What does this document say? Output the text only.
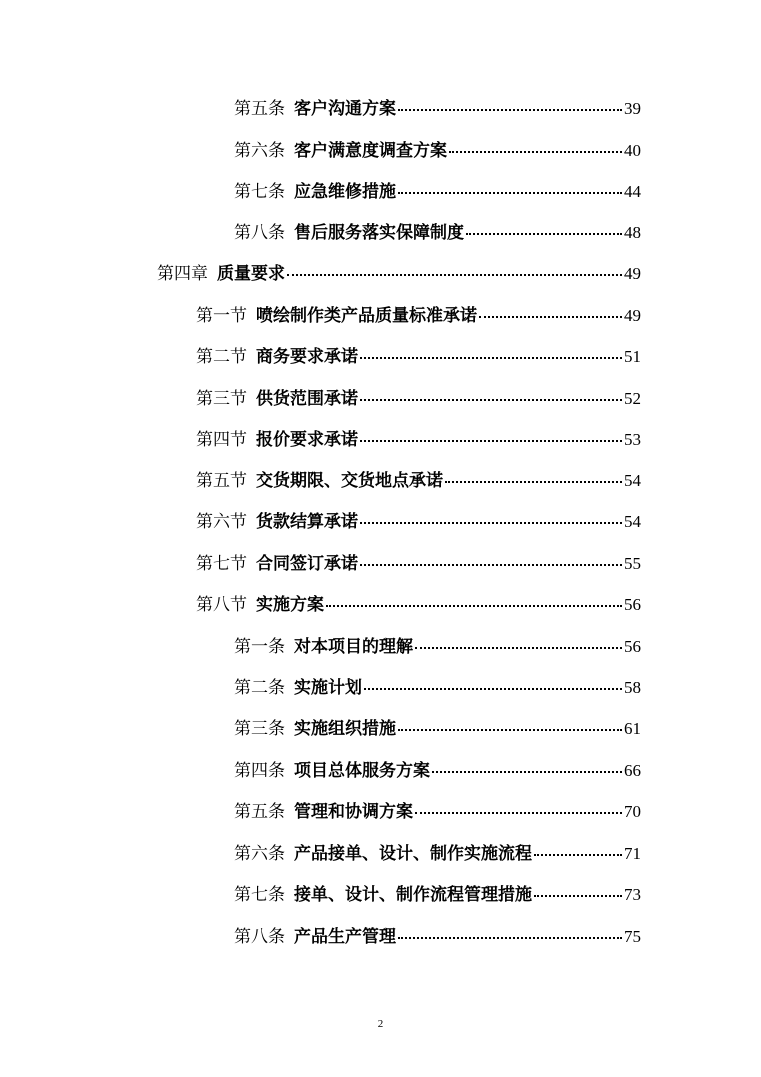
第五条 客户沟通方案	39
第六条 客户满意度调查方案	40
第七条 应急维修措施	44
第八条 售后服务落实保障制度	48
第四章 质量要求	49
第一节 喷绘制作类产品质量标准承诺	49
第二节 商务要求承诺	51
第三节 供货范围承诺	52
第四节 报价要求承诺	53
第五节 交货期限、交货地点承诺	54
第六节 货款结算承诺	54
第七节 合同签订承诺	55
第八节 实施方案	56
第一条 对本项目的理解	56
第二条 实施计划	58
第三条 实施组织措施	61
第四条 项目总体服务方案	66
第五条 管理和协调方案	70
第六条 产品接单、设计、制作实施流程	71
第七条 接单、设计、制作流程管理措施	73
第八条 产品生产管理	75
2
